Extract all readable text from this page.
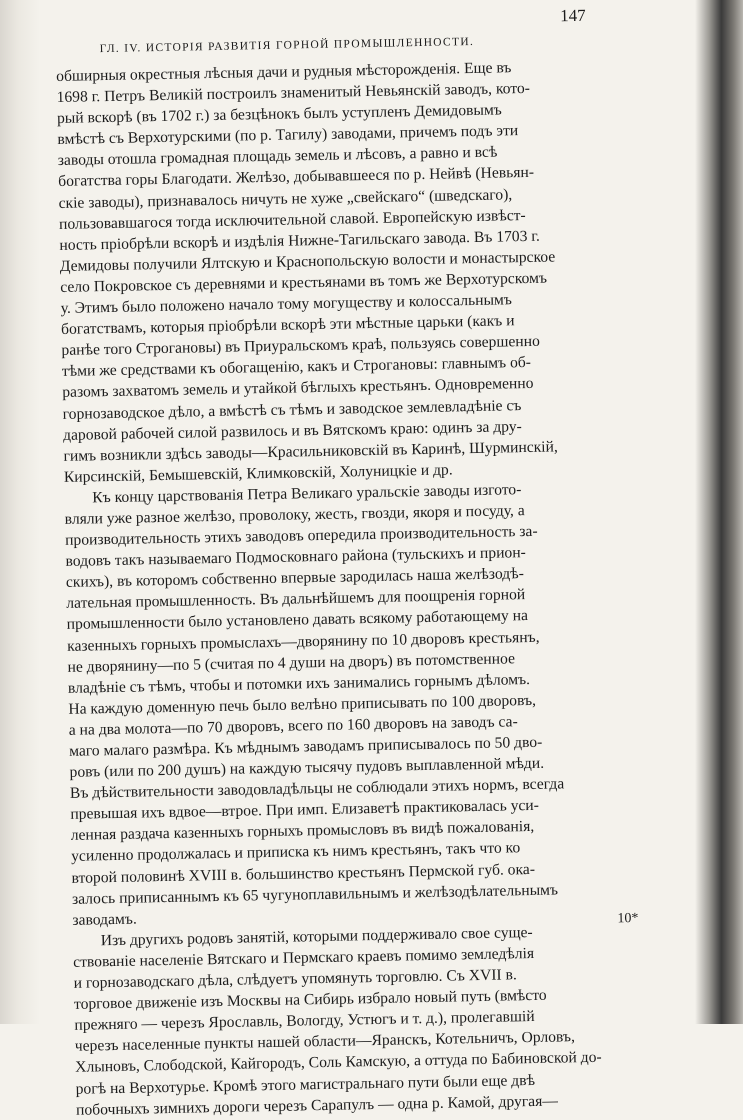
147
ГЛ. IV. ИСТОРІЯ РАЗВИТІЯ ГОРНОЙ ПРОМЫШЛЕННОСТИ.
обширныя окрестныя лѣсныя дачи и рудныя мѣсторожденія. Еще въ
1698 г. Петръ Великій построилъ знаменитый Невьянскій заводъ, кото-
рый вскорѣ (въ 1702 г.) за безцѣнокъ былъ уступленъ Демидовымъ
вмѣстѣ съ Верхотурскими (по р. Тагилу) заводами, причемъ подъ эти
заводы отошла громадная площадь земель и лѣсовъ, а равно и всѣ
богатства горы Благодати. Желѣзо, добывавшееся по р. Нейвѣ (Невьян-
скіе заводы), признавалось ничуть не хуже „свейскаго“ (шведскаго),
пользовавшагося тогда исключительной славой. Европейскую извѣст-
ность пріобрѣли вскорѣ и издѣлія Нижне-Тагильскаго завода. Въ 1703 г.
Демидовы получили Ялтскую и Краснопольскую волости и монастырское
село Покровское съ деревнями и крестьянами въ томъ же Верхотурскомъ
у. Этимъ было положено начало тому могуществу и колоссальнымъ
богатствамъ, которыя пріобрѣли вскорѣ эти мѣстные царьки (какъ и
ранѣе того Строгановы) въ Приуральскомъ краѣ, пользуясь совершенно
тѣми же средствами къ обогащенію, какъ и Строгановы: главнымъ об-
разомъ захватомъ земель и утайкой бѣглыхъ крестьянъ. Одновременно
горнозаводское дѣло, а вмѣстѣ съ тѣмъ и заводское землевладѣніе съ
даровой рабочей силой развилось и въ Вятскомъ краю: одинъ за дру-
гимъ возникли здѣсь заводы—Красильниковскій въ Каринѣ, Шурминскій,
Кирсинскій, Бемышевскій, Климковскій, Холуницкіе и др.
Къ концу царствованія Петра Великаго уральскіе заводы изгото-
вляли уже разное желѣзо, проволоку, жесть, гвозди, якоря и посуду, а
производительность этихъ заводовъ опередила производительность за-
водовъ такъ называемаго Подмосковнаго района (тульскихъ и прион-
скихъ), въ которомъ собственно впервые зародилась наша желѣзодѣ-
лательная промышленность. Въ дальнѣйшемъ для поощренія горной
промышленности было установлено давать всякому работающему на
казенныхъ горныхъ промыслахъ—дворянину по 10 дворовъ крестьянъ,
не дворянину—по 5 (считая по 4 души на дворъ) въ потомственное
владѣніе съ тѣмъ, чтобы и потомки ихъ занимались горнымъ дѣломъ.
На каждую доменную печь было велѣно приписывать по 100 дворовъ,
а на два молота—по 70 дворовъ, всего по 160 дворовъ на заводъ са-
маго малаго размѣра. Къ мѣднымъ заводамъ приписывалось по 50 дво-
ровъ (или по 200 душъ) на каждую тысячу пудовъ выплавленной мѣди.
Въ дѣйствительности заводовладѣльцы не соблюдали этихъ нормъ, всегда
превышая ихъ вдвое—втрое. При имп. Елизаветѣ практиковалась уси-
ленная раздача казенныхъ горныхъ промысловъ въ видѣ пожалованія,
усиленно продолжалась и приписка къ нимъ крестьянъ, такъ что ко
второй половинѣ XVIII в. большинство крестьянъ Пермской губ. ока-
залось приписаннымъ къ 65 чугуноплавильнымъ и желѣзодѣлательнымъ
заводамъ.
Изъ другихъ родовъ занятій, которыми поддерживало свое суще-
ствованіе населеніе Вятскаго и Пермскаго краевъ помимо земледѣлія
и горнозаводскаго дѣла, слѣдуетъ упомянуть торговлю. Съ XVII в.
торговое движеніе изъ Москвы на Сибирь избрало новый путь (вмѣсто
прежняго — черезъ Ярославль, Вологду, Устюгъ и т. д.), пролегавшій
черезъ населенные пункты нашей области—Яранскъ, Котельничъ, Орловъ,
Хлыновъ, Слободской, Кайгородъ, Соль Камскую, а оттуда по Бабиновской до-
рогѣ на Верхотурье. Кромѣ этого магистральнаго пути были еще двѣ
побочныхъ зимнихъ дороги черезъ Сарапулъ — одна р. Камой, другая—
10*
